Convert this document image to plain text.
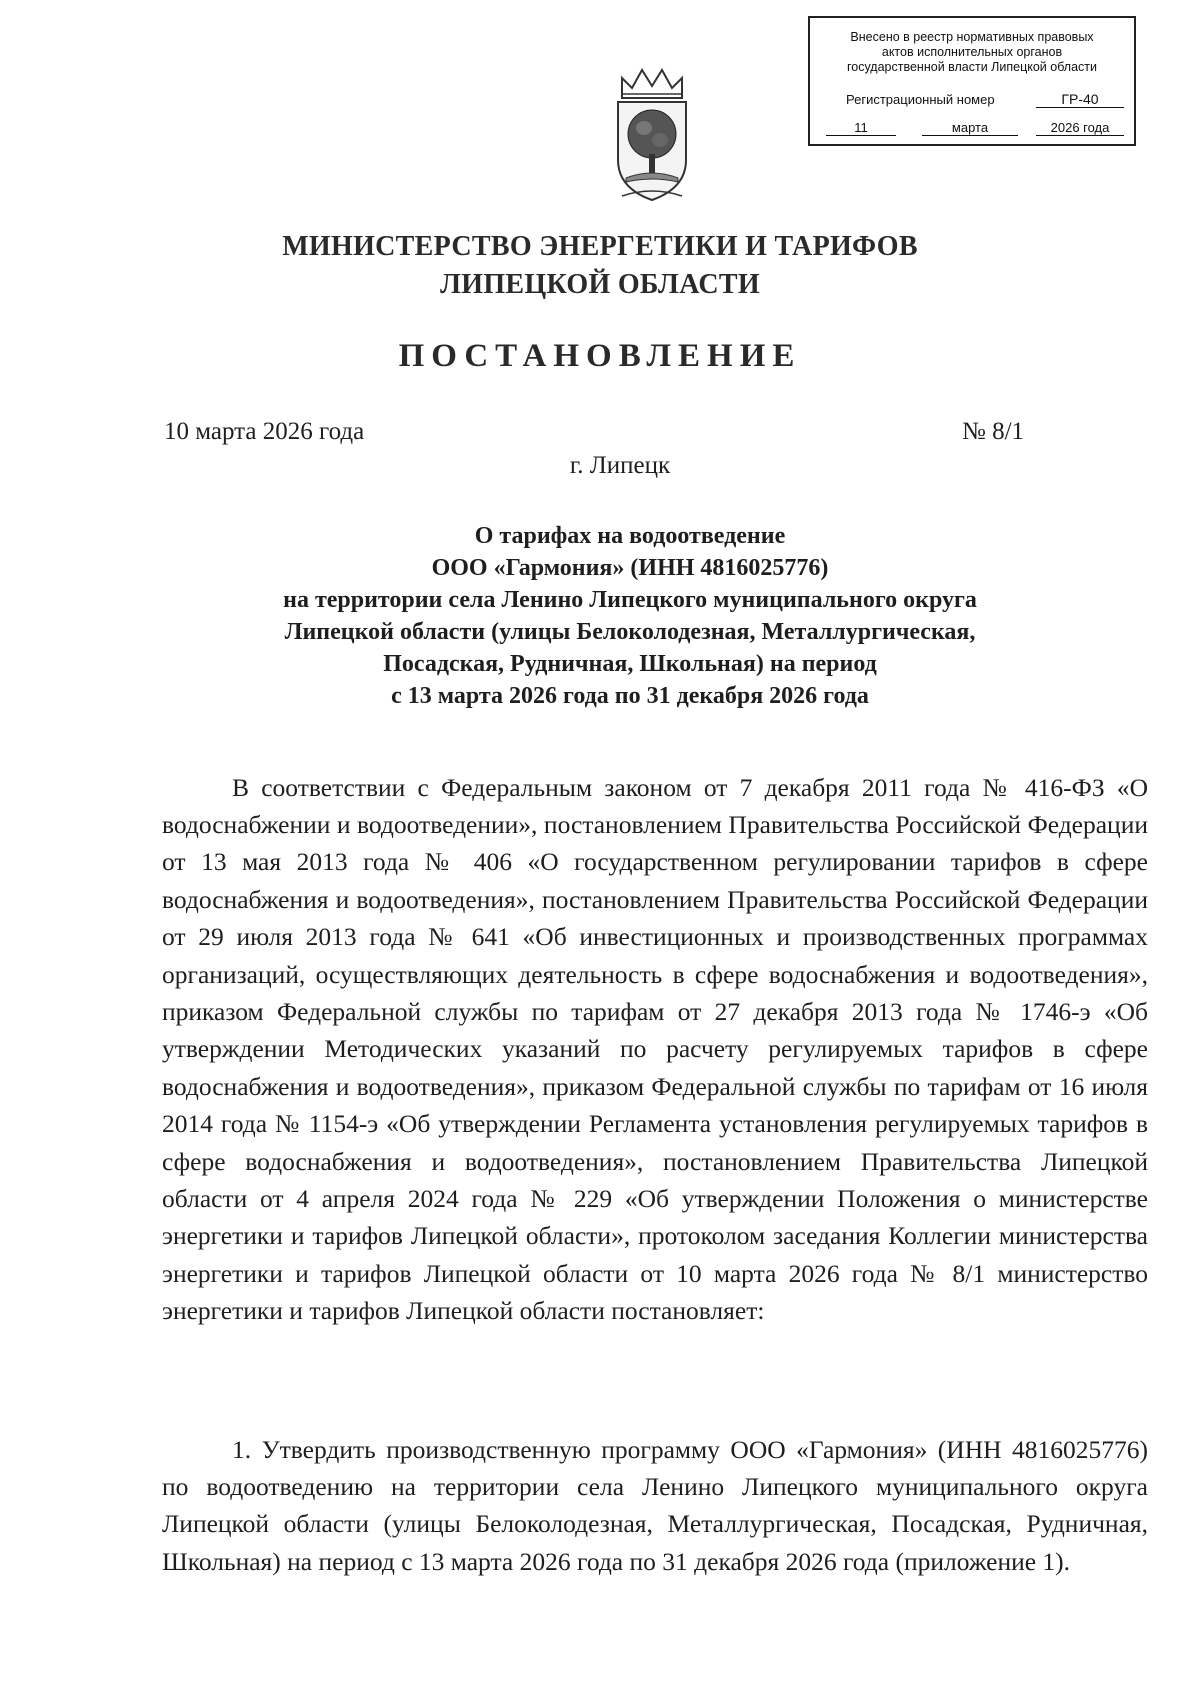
Внесено в реестр нормативных правовых
актов исполнительных органов
государственной власти Липецкой области
Регистрационный номер	ГР-40
11	марта	2026 года
МИНИСТЕРСТВО ЭНЕРГЕТИКИ И ТАРИФОВ
ЛИПЕЦКОЙ ОБЛАСТИ
ПОСТАНОВЛЕНИЕ
10 марта 2026 года	№ 8/1
г. Липецк
О тарифах на водоотведение
ООО «Гармония» (ИНН 4816025776)
на территории села Ленино Липецкого муниципального округа
Липецкой области (улицы Белоколодезная, Металлургическая,
Посадская, Рудничная, Школьная) на период
с 13 марта 2026 года по 31 декабря 2026 года

В соответствии с Федеральным законом от 7 декабря 2011 года № 416-ФЗ «О водоснабжении и водоотведении», постановлением Правительства Российской Федерации от 13 мая 2013 года № 406 «О государственном регулировании тарифов в сфере водоснабжения и водоотведения», постановлением Правительства Российской Федерации от 29 июля 2013 года № 641 «Об инвестиционных и производственных программах организаций, осуществляющих деятельность в сфере водоснабжения и водоотведения», приказом Федеральной службы по тарифам от 27 декабря 2013 года № 1746-э «Об утверждении Методических указаний по расчету регулируемых тарифов в сфере водоснабжения и водоотведения», приказом Федеральной службы по тарифам от 16 июля 2014 года № 1154-э «Об утверждении Регламента установления регулируемых тарифов в сфере водоснабжения и водоотведения», постановлением Правительства Липецкой области от 4 апреля 2024 года № 229 «Об утверждении Положения о министерстве энергетики и тарифов Липецкой области», протоколом заседания Коллегии министерства энергетики и тарифов Липецкой области от 10 марта 2026 года № 8/1 министерство энергетики и тарифов Липецкой области постановляет:

1. Утвердить производственную программу ООО «Гармония» (ИНН 4816025776) по водоотведению на территории села Ленино Липецкого муниципального округа Липецкой области (улицы Белоколодезная, Металлургическая, Посадская, Рудничная, Школьная) на период с 13 марта 2026 года по 31 декабря 2026 года (приложение 1).
